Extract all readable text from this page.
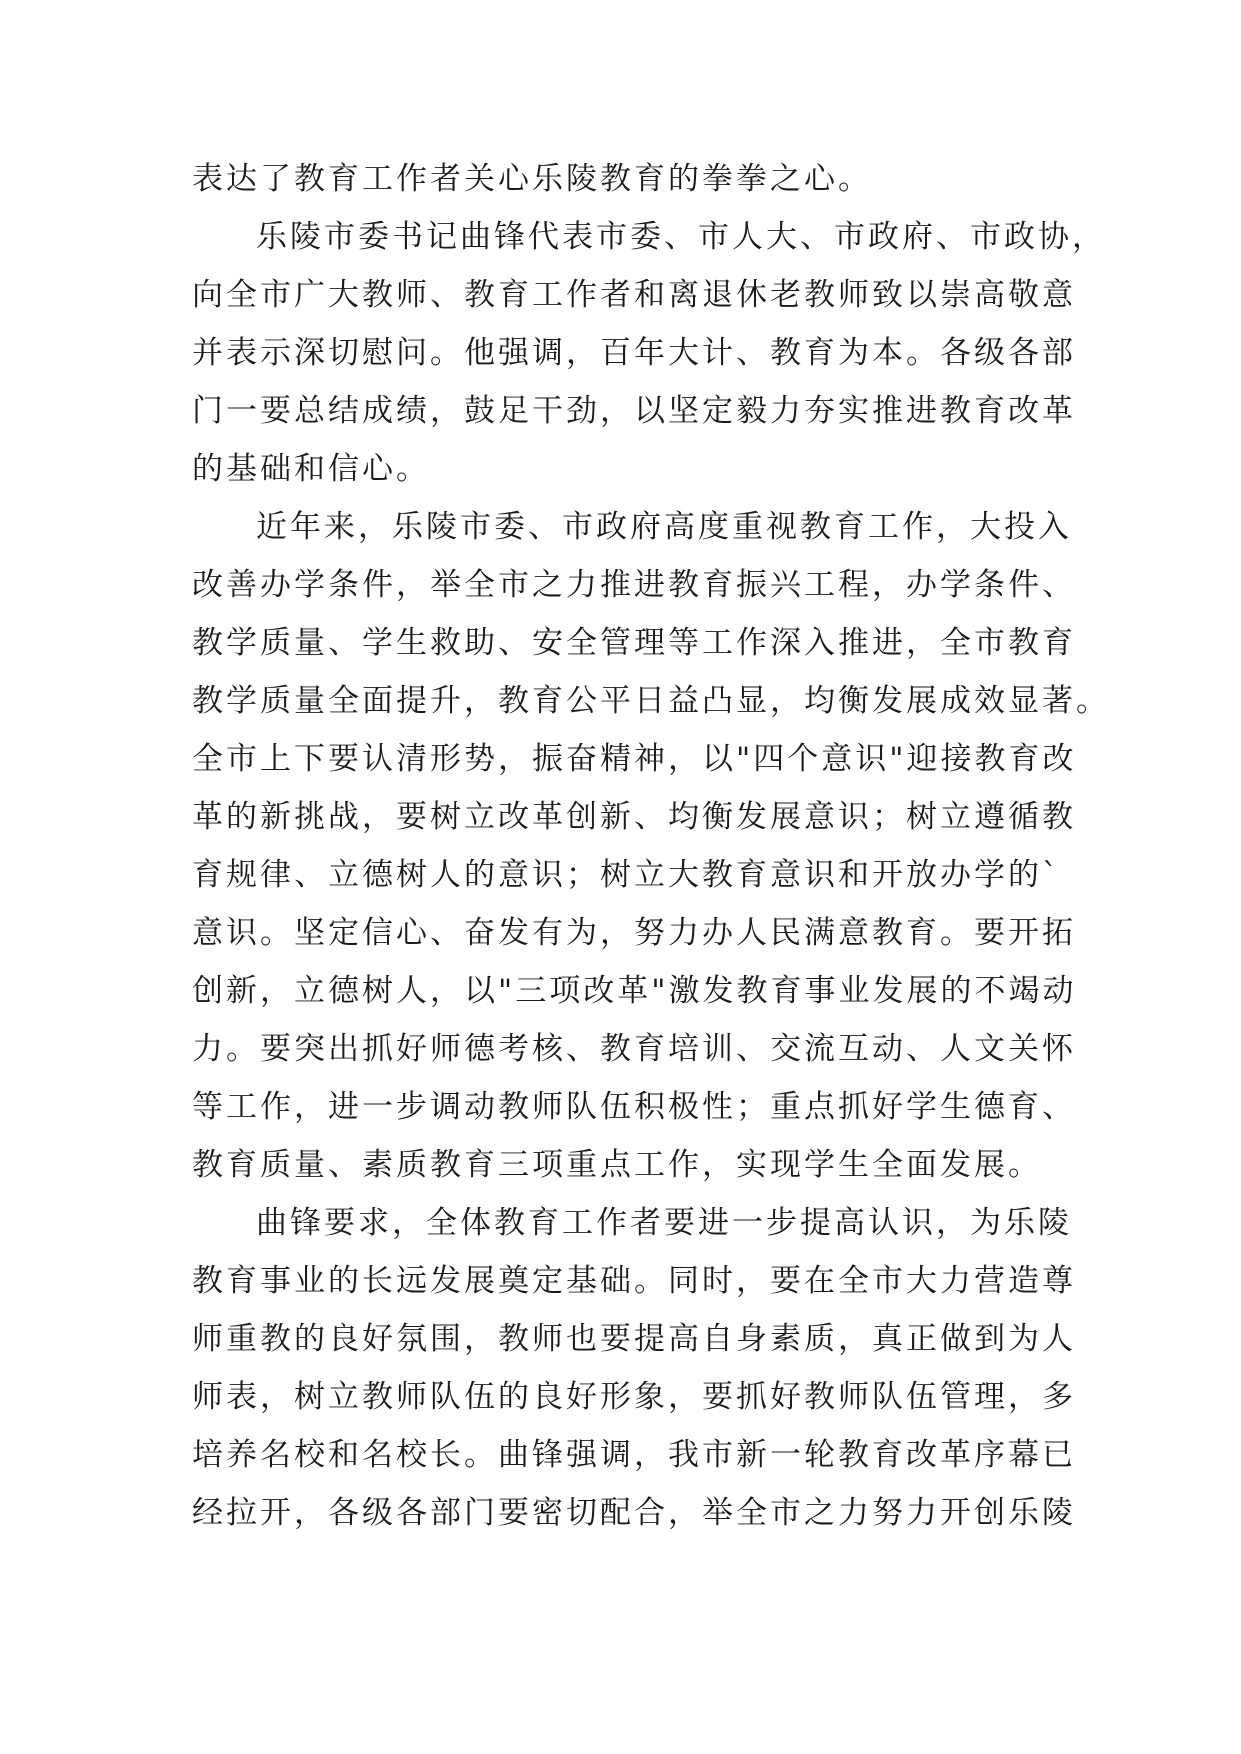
表达了教育工作者关心乐陵教育的拳拳之心。
乐陵市委书记曲锋代表市委、市人大、市政府、市政协，
向全市广大教师、教育工作者和离退休老教师致以崇高敬意
并表示深切慰问。他强调，百年大计、教育为本。各级各部
门一要总结成绩，鼓足干劲，以坚定毅力夯实推进教育改革
的基础和信心。
近年来，乐陵市委、市政府高度重视教育工作，大投入
改善办学条件，举全市之力推进教育振兴工程，办学条件、
教学质量、学生救助、安全管理等工作深入推进，全市教育
教学质量全面提升，教育公平日益凸显，均衡发展成效显著。
全市上下要认清形势，振奋精神，以"四个意识"迎接教育改
革的新挑战，要树立改革创新、均衡发展意识；树立遵循教
育规律、立德树人的意识；树立大教育意识和开放办学的`
意识。坚定信心、奋发有为，努力办人民满意教育。要开拓
创新，立德树人，以"三项改革"激发教育事业发展的不竭动
力。要突出抓好师德考核、教育培训、交流互动、人文关怀
等工作，进一步调动教师队伍积极性；重点抓好学生德育、
教育质量、素质教育三项重点工作，实现学生全面发展。
曲锋要求，全体教育工作者要进一步提高认识，为乐陵
教育事业的长远发展奠定基础。同时，要在全市大力营造尊
师重教的良好氛围，教师也要提高自身素质，真正做到为人
师表，树立教师队伍的良好形象，要抓好教师队伍管理，多
培养名校和名校长。曲锋强调，我市新一轮教育改革序幕已
经拉开，各级各部门要密切配合，举全市之力努力开创乐陵
